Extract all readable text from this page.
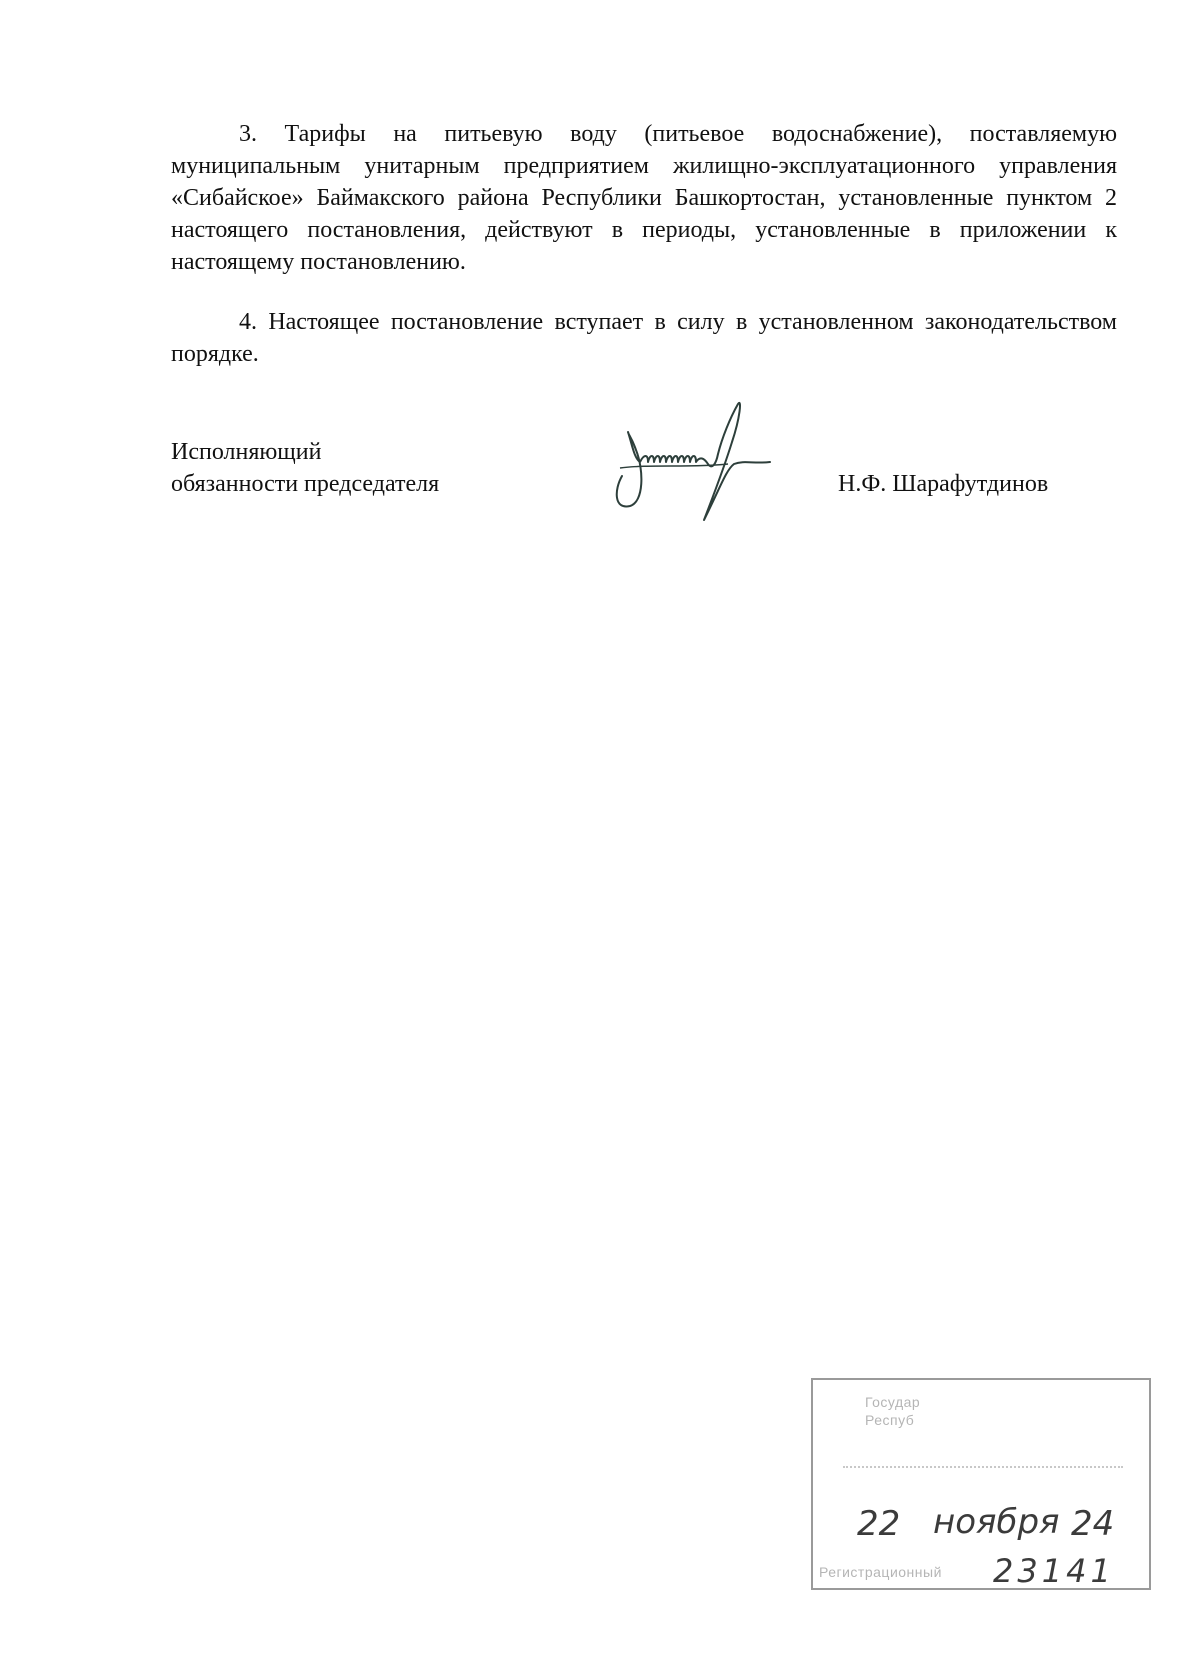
3. Тарифы на питьевую воду (питьевое водоснабжение), поставляемую муниципальным унитарным предприятием жилищно-эксплуатационного управления «Сибайское» Баймакского района Республики Башкортостан, установленные пунктом 2 настоящего постановления, действуют в периоды, установленные в приложении к настоящему постановлению.

4. Настоящее постановление вступает в силу в установленном законодательством порядке.

Исполняющий
обязанности председателя	Н.Ф. Шарафутдинов
Государ
Респуб
22 ноября 24
Регистрационный 23141
